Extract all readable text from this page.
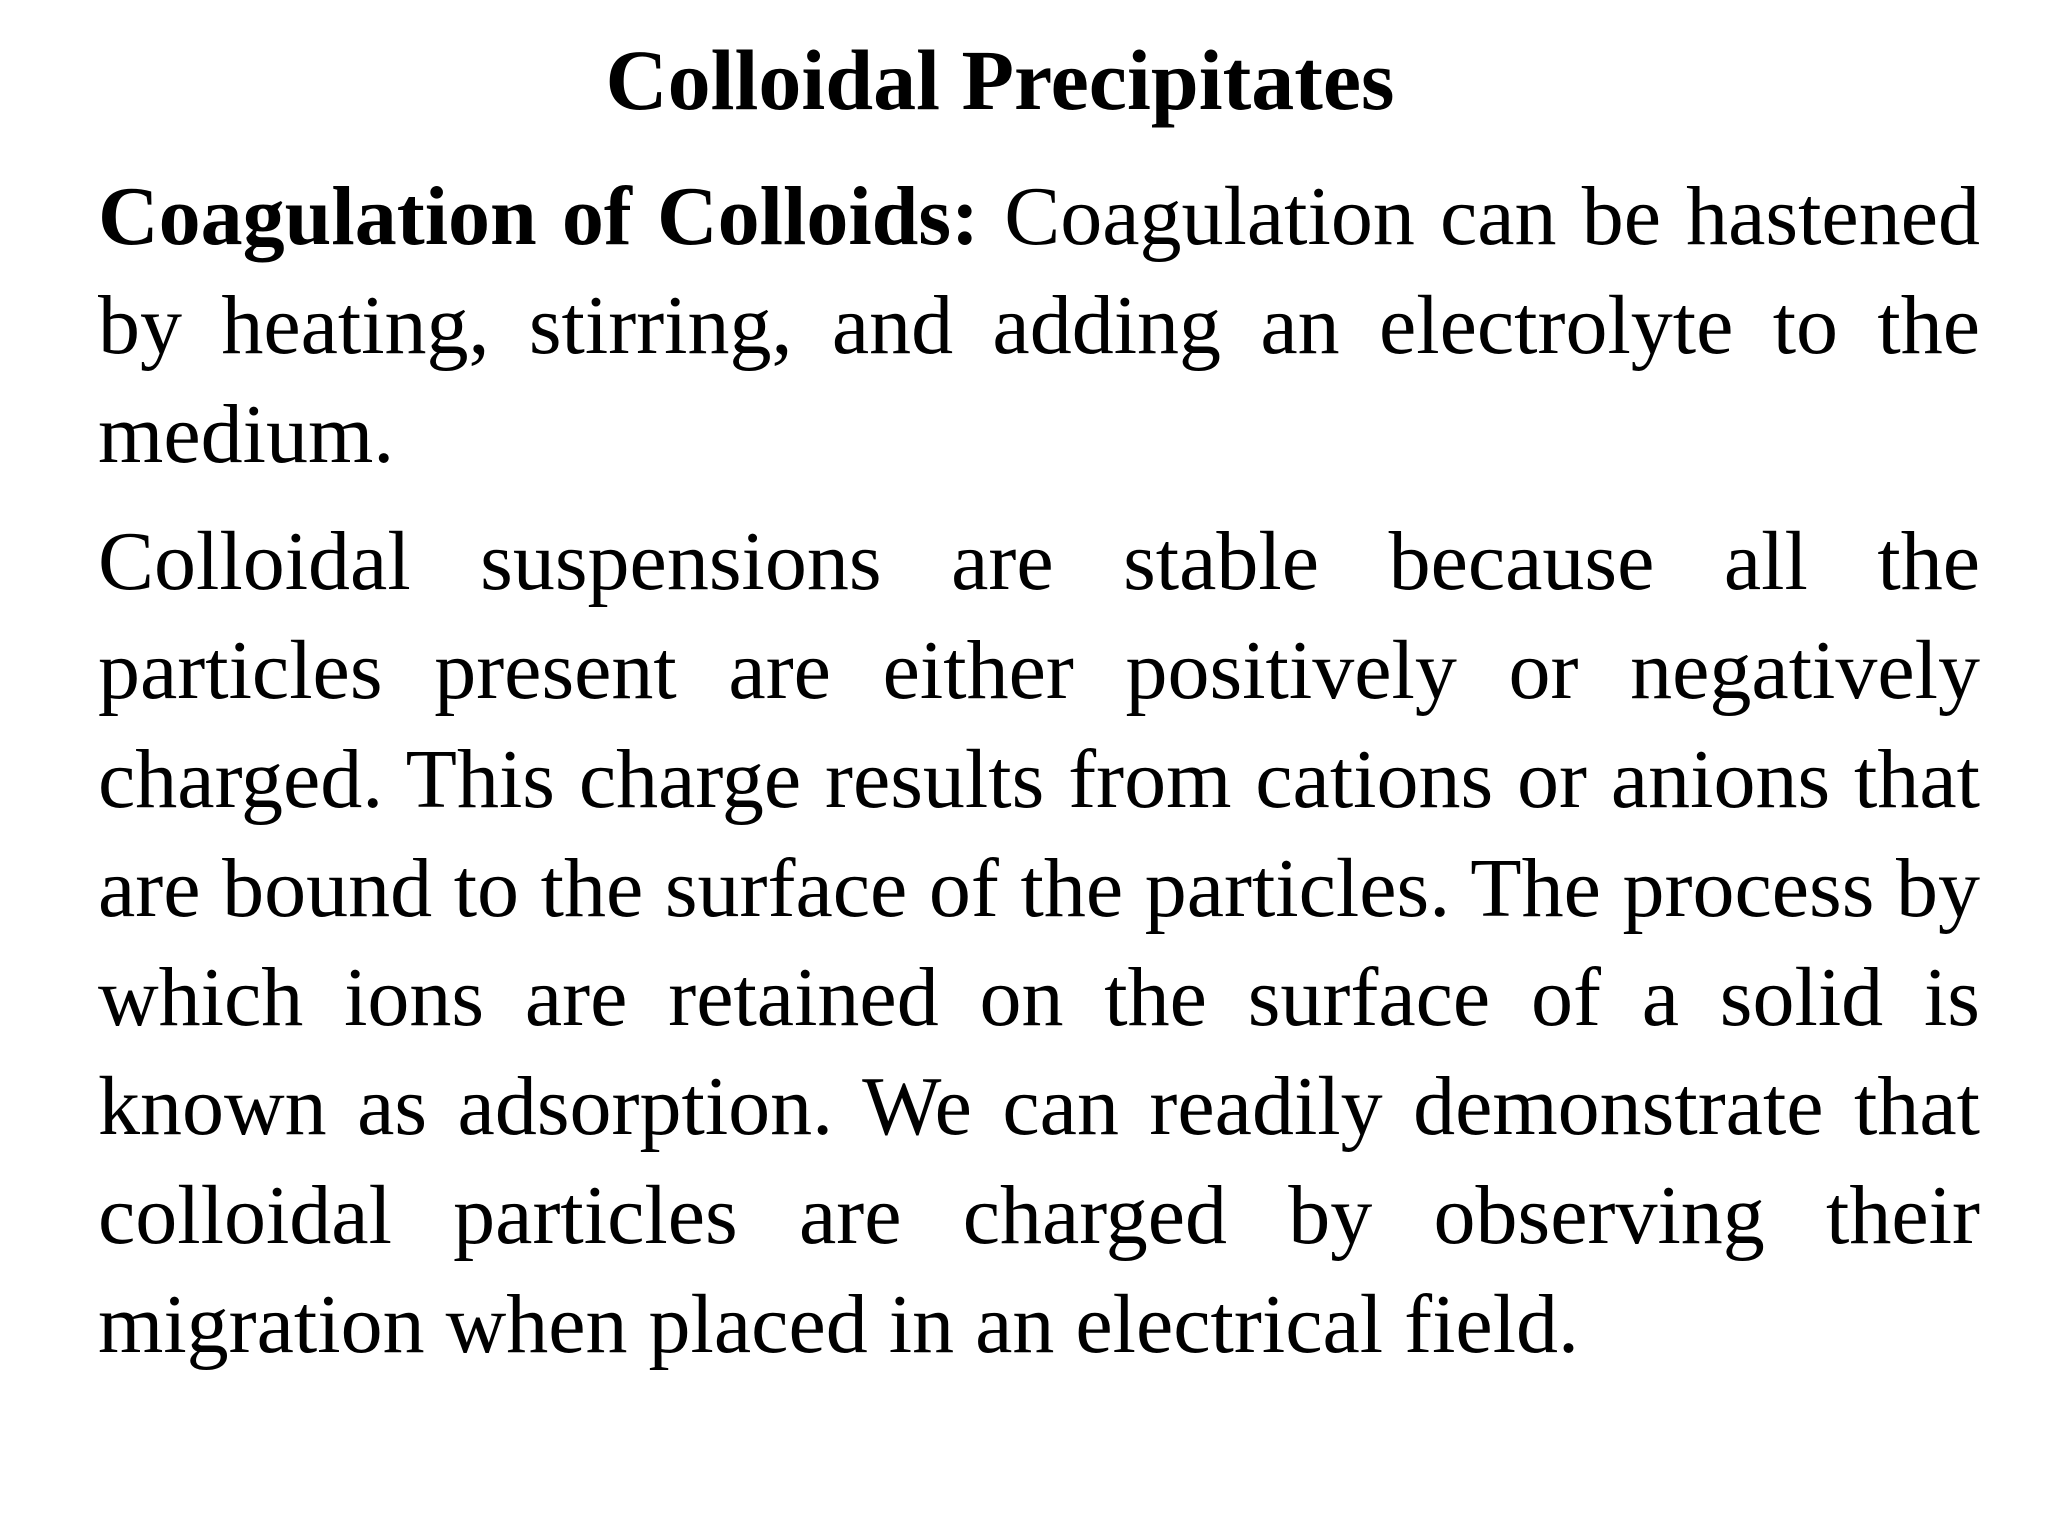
Colloidal Precipitates

Coagulation of Colloids: Coagulation can be hastened by heating, stirring, and adding an electrolyte to the medium.

Colloidal suspensions are stable because all the particles present are either positively or negatively charged. This charge results from cations or anions that are bound to the surface of the particles. The process by which ions are retained on the surface of a solid is known as adsorption. We can readily demonstrate that colloidal particles are charged by observing their migration when placed in an electrical field.
